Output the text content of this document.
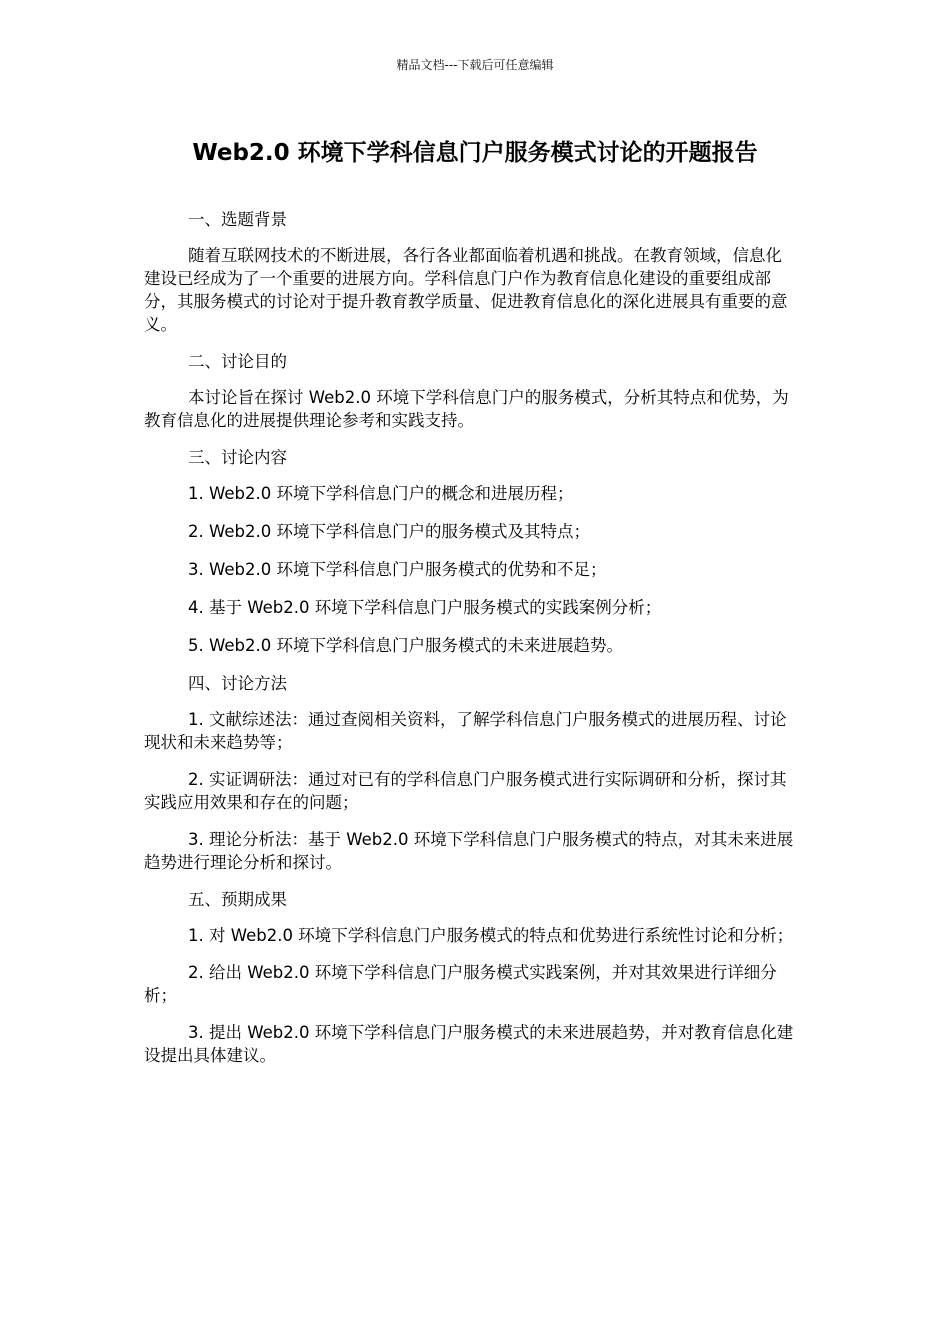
精品文档---下载后可任意编辑
Web2.0 环境下学科信息门户服务模式讨论的开题报告

一、选题背景

随着互联网技术的不断进展，各行各业都面临着机遇和挑战。在教育领域，信息化建设已经成为了一个重要的进展方向。学科信息门户作为教育信息化建设的重要组成部分，其服务模式的讨论对于提升教育教学质量、促进教育信息化的深化进展具有重要的意义。

二、讨论目的

本讨论旨在探讨 Web2.0 环境下学科信息门户的服务模式，分析其特点和优势，为教育信息化的进展提供理论参考和实践支持。

三、讨论内容

1. Web2.0 环境下学科信息门户的概念和进展历程；

2. Web2.0 环境下学科信息门户的服务模式及其特点；

3. Web2.0 环境下学科信息门户服务模式的优势和不足；

4. 基于 Web2.0 环境下学科信息门户服务模式的实践案例分析；

5. Web2.0 环境下学科信息门户服务模式的未来进展趋势。

四、讨论方法

1. 文献综述法：通过查阅相关资料，了解学科信息门户服务模式的进展历程、讨论现状和未来趋势等；

2. 实证调研法：通过对已有的学科信息门户服务模式进行实际调研和分析，探讨其实践应用效果和存在的问题；

3. 理论分析法：基于 Web2.0 环境下学科信息门户服务模式的特点，对其未来进展趋势进行理论分析和探讨。

五、预期成果

1. 对 Web2.0 环境下学科信息门户服务模式的特点和优势进行系统性讨论和分析；

2. 给出 Web2.0 环境下学科信息门户服务模式实践案例，并对其效果进行详细分析；

3. 提出 Web2.0 环境下学科信息门户服务模式的未来进展趋势，并对教育信息化建设提出具体建议。
